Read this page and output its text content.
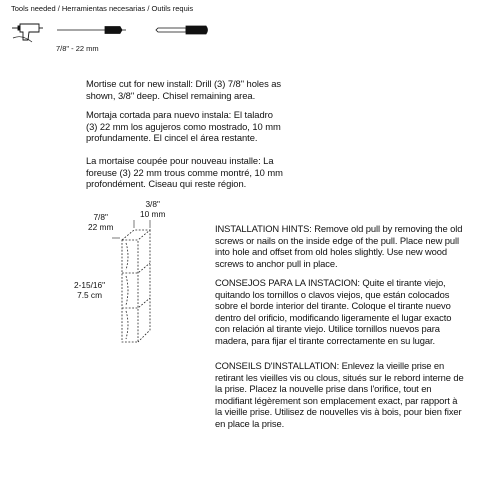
Tools needed / Herramientas necesarias / Outils requis
7/8" - 22 mm
Mortise cut for new install: Drill (3) 7/8" holes as shown, 3/8" deep. Chisel remaining area.
Mortaja cortada para nuevo instala: El taladro (3) 22 mm los agujeros como mostrado, 10 mm profundamente. El cincel el área restante.
La mortaise coupée pour nouveau installe: La foreuse (3) 22 mm trous comme montré, 10 mm profondément. Ciseau qui reste région.
3/8"
10 mm
7/8"
22 mm
2-15/16"
7.5 cm
INSTALLATION HINTS: Remove old pull by removing the old screws or nails on the inside edge of the pull. Place new pull into hole and offset from old holes slightly. Use new wood screws to anchor pull in place.
CONSEJOS PARA LA INSTACION: Quite el tirante viejo, quitando los tornillos o clavos viejos, que están colocados sobre el borde interior del tirante. Coloque el tirante nuevo dentro del orificio, modificando ligeramente el lugar exacto con relación al tirante viejo. Utilice tornillos nuevos para madera, para fijar el tirante correctamente en su lugar.
CONSEILS D'INSTALLATION: Enlevez la vieille prise en retirant les vieilles vis ou clous, situés sur le rebord interne de la prise. Placez la nouvelle prise dans l'orifice, tout en modifiant légèrement son emplacement exact, par rapport à la vieille prise. Utilisez de nouvelles vis à bois, pour bien fixer en place la prise.
